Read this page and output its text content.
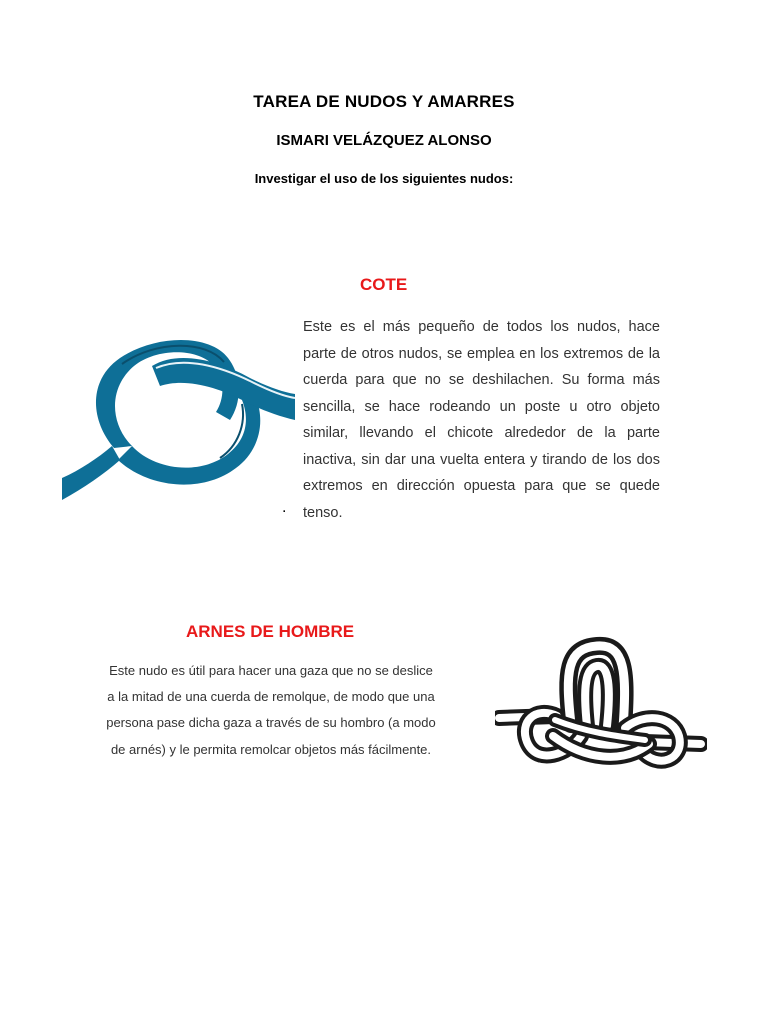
TAREA DE NUDOS Y AMARRES
ISMARI VELÁZQUEZ ALONSO
Investigar el uso de los siguientes nudos:
COTE
Este es el más pequeño de todos los nudos, hace parte de otros nudos, se emplea en los extremos de la cuerda para que no se deshilachen. Su forma más sencilla, se hace rodeando un poste u otro objeto similar, llevando el chicote alrededor de la parte inactiva, sin dar una vuelta entera y tirando de los dos extremos en dirección opuesta para que se quede tenso.
.
ARNES DE HOMBRE
Este nudo es útil para hacer una gaza que no se deslice a la mitad de una cuerda de remolque, de modo que una persona pase dicha gaza a través de su hombro (a modo de arnés) y le permita remolcar objetos más fácilmente.
